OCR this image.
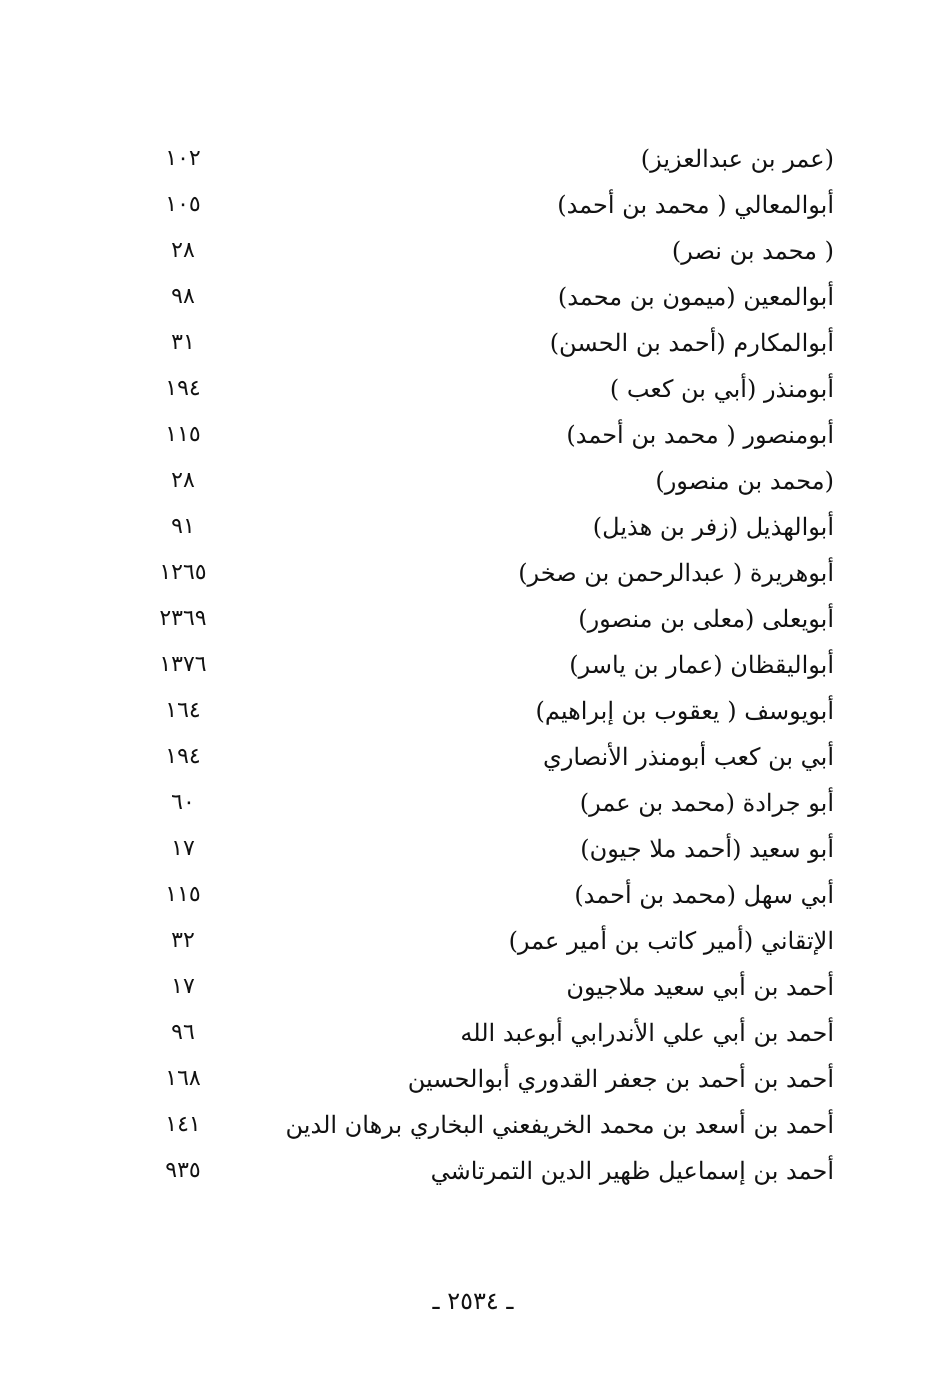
(عمر بن عبدالعزيز)
١٠٢
أبوالمعالي ( محمد بن أحمد)
١٠٥
( محمد بن نصر)
٢٨
أبوالمعين (ميمون بن محمد)
٩٨
أبوالمكارم (أحمد بن الحسن)
٣١
أبومنذر (أبي بن كعب )
١٩٤
أبومنصور ( محمد بن أحمد)
١١٥
(محمد بن منصور)
٢٨
أبوالهذيل (زفر بن هذيل)
٩١
أبوهريرة ( عبدالرحمن بن صخر)
١٢٦٥
أبويعلى (معلى بن منصور)
٢٣٦٩
أبواليقظان (عمار بن ياسر)
١٣٧٦
أبويوسف ( يعقوب بن إبراهيم)
١٦٤
أبي بن كعب أبومنذر الأنصاري
١٩٤
أبو جرادة (محمد بن عمر)
٦٠
أبو سعيد (أحمد ملا جيون)
١٧
أبي سهل (محمد بن أحمد)
١١٥
الإتقاني (أمير كاتب بن أمير عمر)
٣٢
أحمد بن أبي سعيد ملاجيون
١٧
أحمد بن أبي علي الأندرابي أبوعبد الله
٩٦
أحمد بن أحمد بن جعفر القدوري أبوالحسين
١٦٨
أحمد بن أسعد بن محمد الخريفعني البخاري برهان الدين
١٤١
أحمد بن إسماعيل ظهير الدين التمرتاشي
٩٣٥
ـ ٢٥٣٤ ـ
